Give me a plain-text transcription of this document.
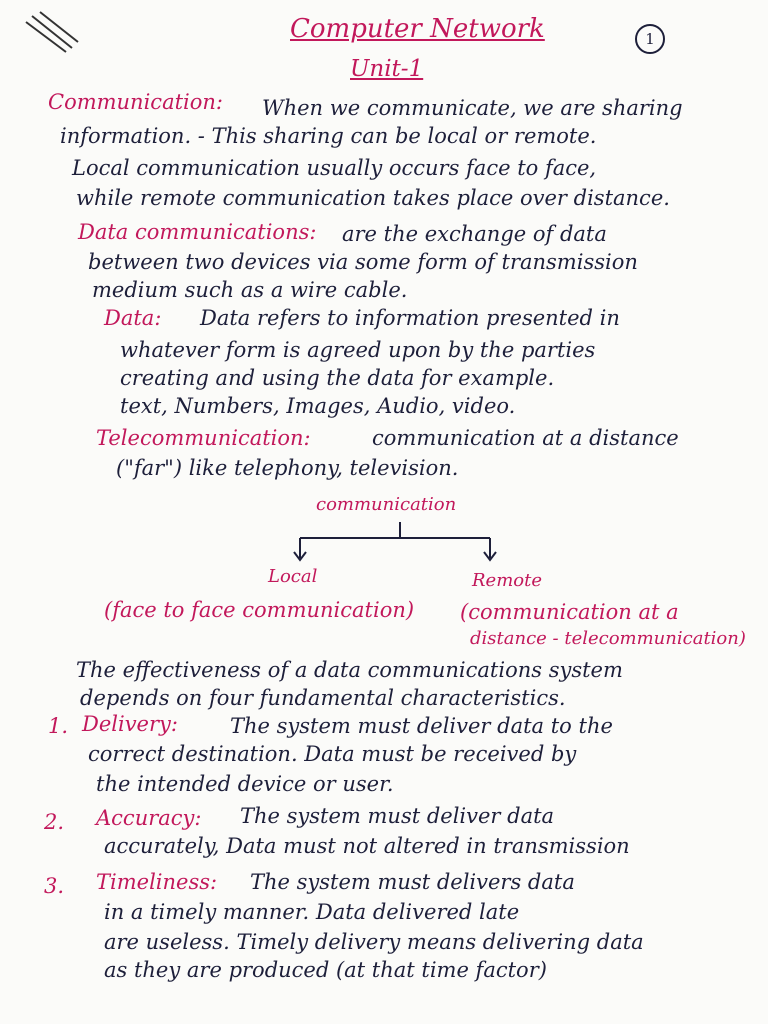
Computer Network

Unit-1

1

Communication: When we communicate, we are sharing

information. - This sharing can be local or remote.

Local communication usually occurs face to face,

while remote communication takes place over distance.

Data communications: are the exchange of data

between two devices via some form of transmission

medium such as a wire cable.

Data: Data refers to information presented in

whatever form is agreed upon by the parties

creating and using the data for example.

text, Numbers, Images, Audio, video.

Telecommunication:	communication at a distance

("far") like telephony, television.

communication

Local	Remote

(face to face communication) (communication at a

distance - telecommunication)

The effectiveness of a data communications system

depends on four fundamental characteristics.

1. Delivery: The system must deliver data to the

correct destination. Data must be received by

the intended device or user.

2. Accuracy: The system must deliver data

accurately, Data must not altered in transmission

3. Timeliness: The system must delivers data

in a timely manner. Data delivered late

are useless. Timely delivery means delivering data

as they are produced (at that time factor)
